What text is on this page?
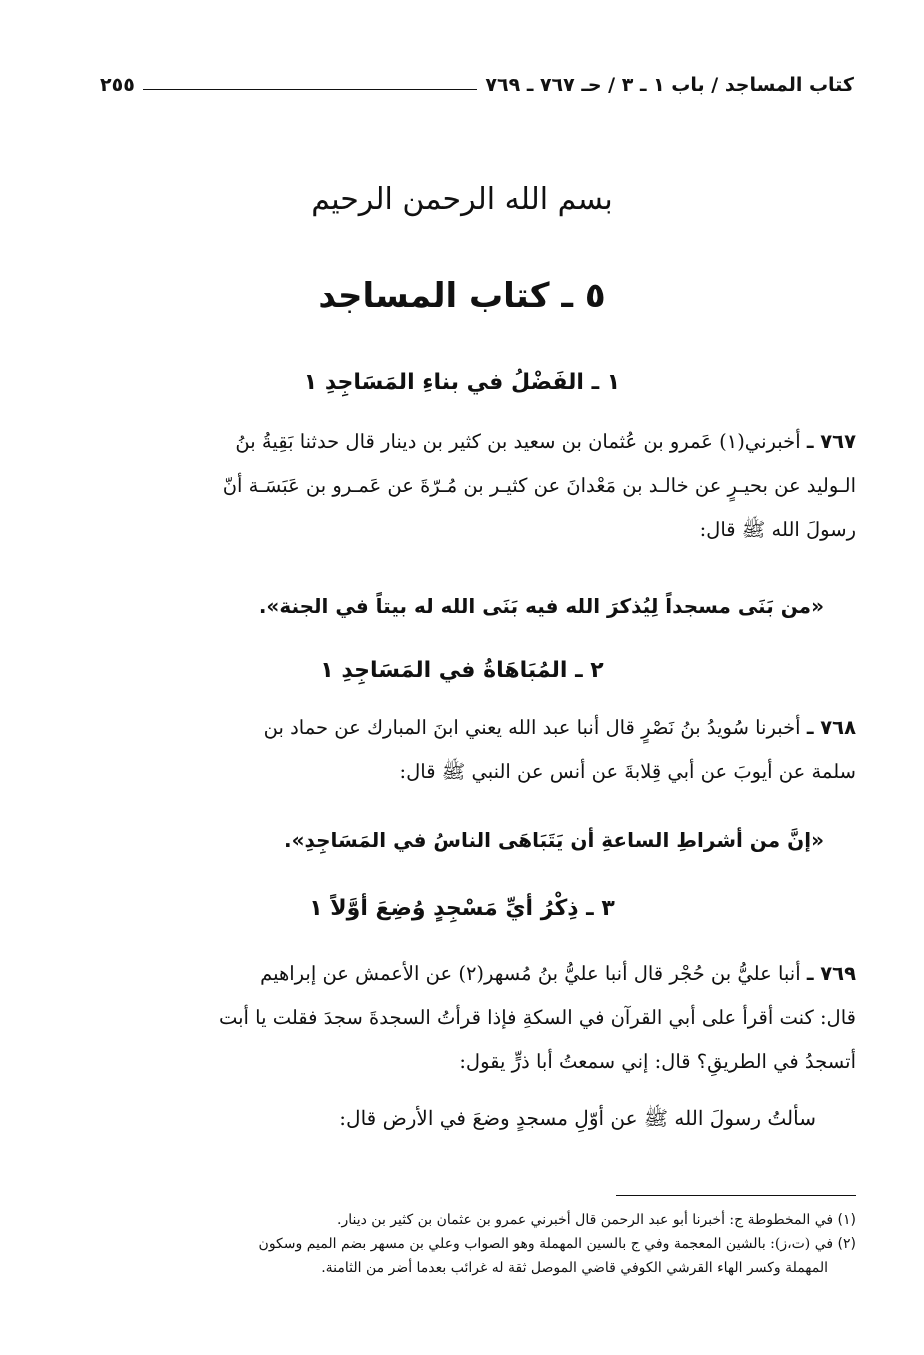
كتاب المساجد / باب ١ ـ ٣ / حـ ٧٦٧ ـ ٧٦٩
٢٥٥
بسم الله الرحمن الرحيم
٥ ـ كتاب المساجد
١ ـ الفَضْلُ في بناءِ المَسَاجِدِ ١
٧٦٧ ـ أخبرني(١) عَمرو بن عُثمان بن سعيد بن كثير بن دينار قال حدثنا بَقِيةُ بنُ
الـوليد عن بحيـرٍ عن خالـد بن مَعْدانَ عن كثيـر بن مُـرّةَ عن عَمـرو بن عَبَسَـة أنّ
رسولَ الله ﷺ قال:
«من بَنَى مسجداً لِيُذكرَ الله فيه بَنَى الله له بيتاً في الجنة».
٢ ـ المُبَاهَاةُ في المَسَاجِدِ ١
٧٦٨ ـ أخبرنا سُويدُ بنُ نَصْرٍ قال أنبا عبد الله يعني ابنَ المبارك عن حماد بن
سلمة عن أيوبَ عن أبي قِلابةَ عن أنس عن النبي ﷺ قال:
«إنَّ من أشراطِ الساعةِ أن يَتَبَاهَى الناسُ في المَسَاجِدِ».
٣ ـ ذِكْرُ أيِّ مَسْجِدٍ وُضِعَ أوَّلاً ١
٧٦٩ ـ أنبا عليُّ بن حُجْر قال أنبا عليُّ بنُ مُسهر(٢) عن الأعمش عن إبراهيم
قال: كنت أقرأ على أبي القرآن في السكةِ فإذا قرأتُ السجدةَ سجدَ فقلت يا أبت
أتسجدُ في الطريقِ؟ قال: إني سمعتُ أبا ذرٍّ يقول:
سألتُ رسولَ الله ﷺ عن أوّلِ مسجدٍ وضعَ في الأرض قال:

(١) في المخطوطة ج: أخبرنا أبو عبد الرحمن قال أخبرني عمرو بن عثمان بن كثير بن دينار.

(٢) في (ت،ز): بالشين المعجمة وفي ج بالسين المهملة وهو الصواب وعلي بن مسهر بضم الميم وسكون

المهملة وكسر الهاء القرشي الكوفي قاضي الموصل ثقة له غرائب بعدما أضر من الثامنة.
